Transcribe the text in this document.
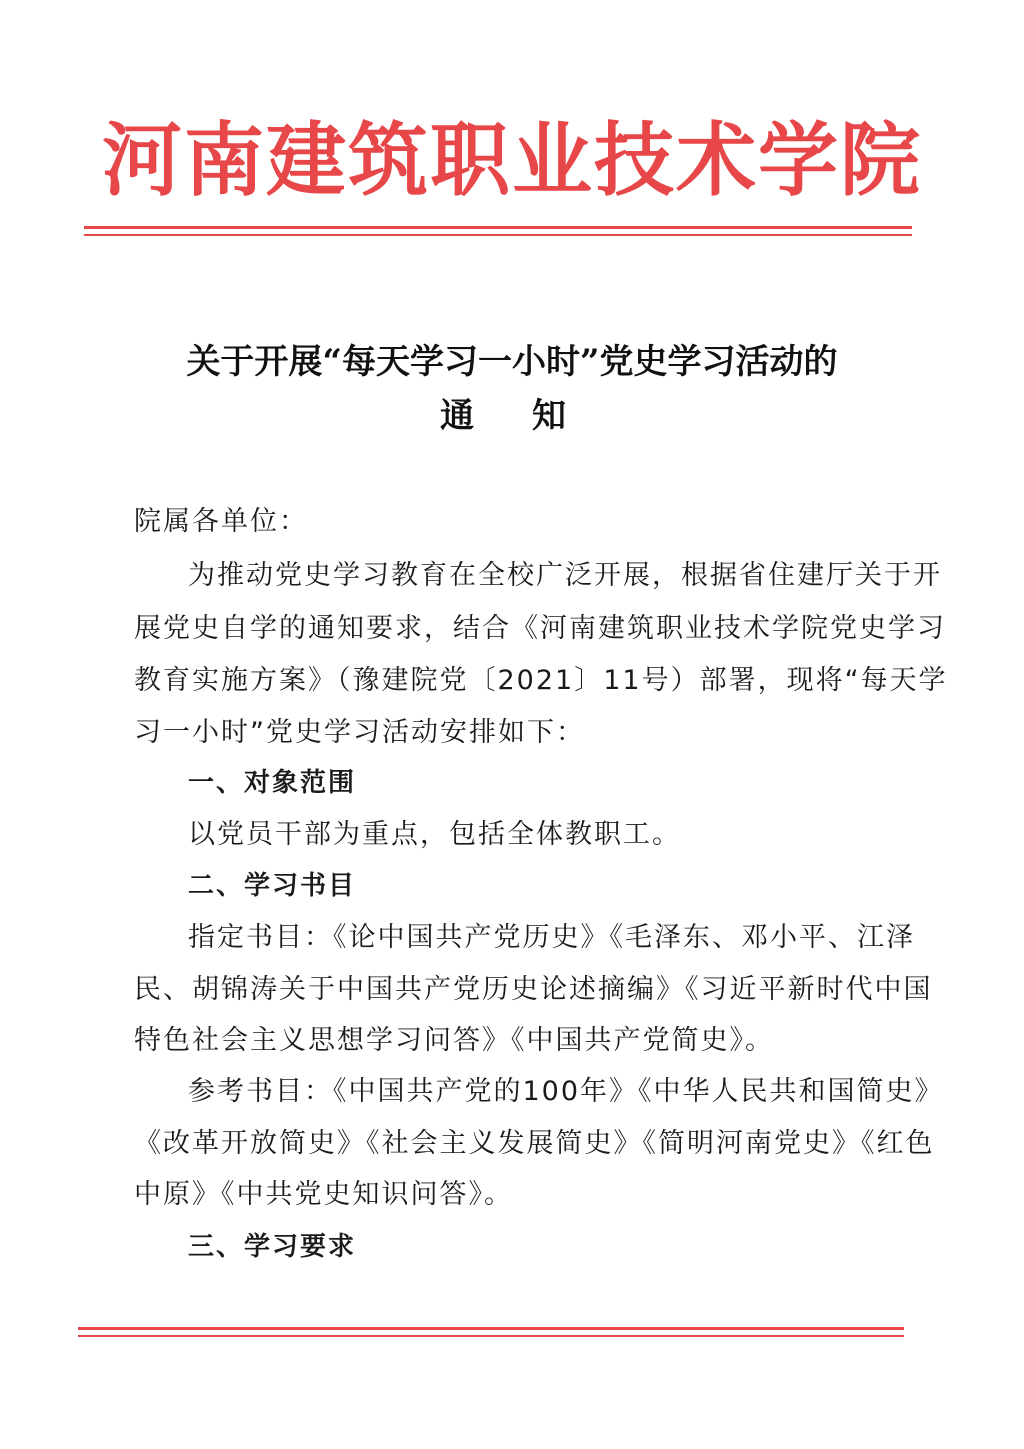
河南建筑职业技术学院
关于开展“每天学习一小时”党史学习活动的
通知
院属各单位：
为推动党史学习教育在全校广泛开展，根据省住建厅关于开
展党史自学的通知要求，结合《河南建筑职业技术学院党史学习
教育实施方案》（豫建院党〔2021〕11号）部署，现将“每天学
习一小时”党史学习活动安排如下：
一、对象范围
以党员干部为重点，包括全体教职工。
二、学习书目
指定书目：《论中国共产党历史》《毛泽东、邓小平、江泽
民、胡锦涛关于中国共产党历史论述摘编》《习近平新时代中国
特色社会主义思想学习问答》《中国共产党简史》。
参考书目：《中国共产党的100年》《中华人民共和国简史》
《改革开放简史》《社会主义发展简史》《简明河南党史》《红色
中原》《中共党史知识问答》。
三、学习要求
